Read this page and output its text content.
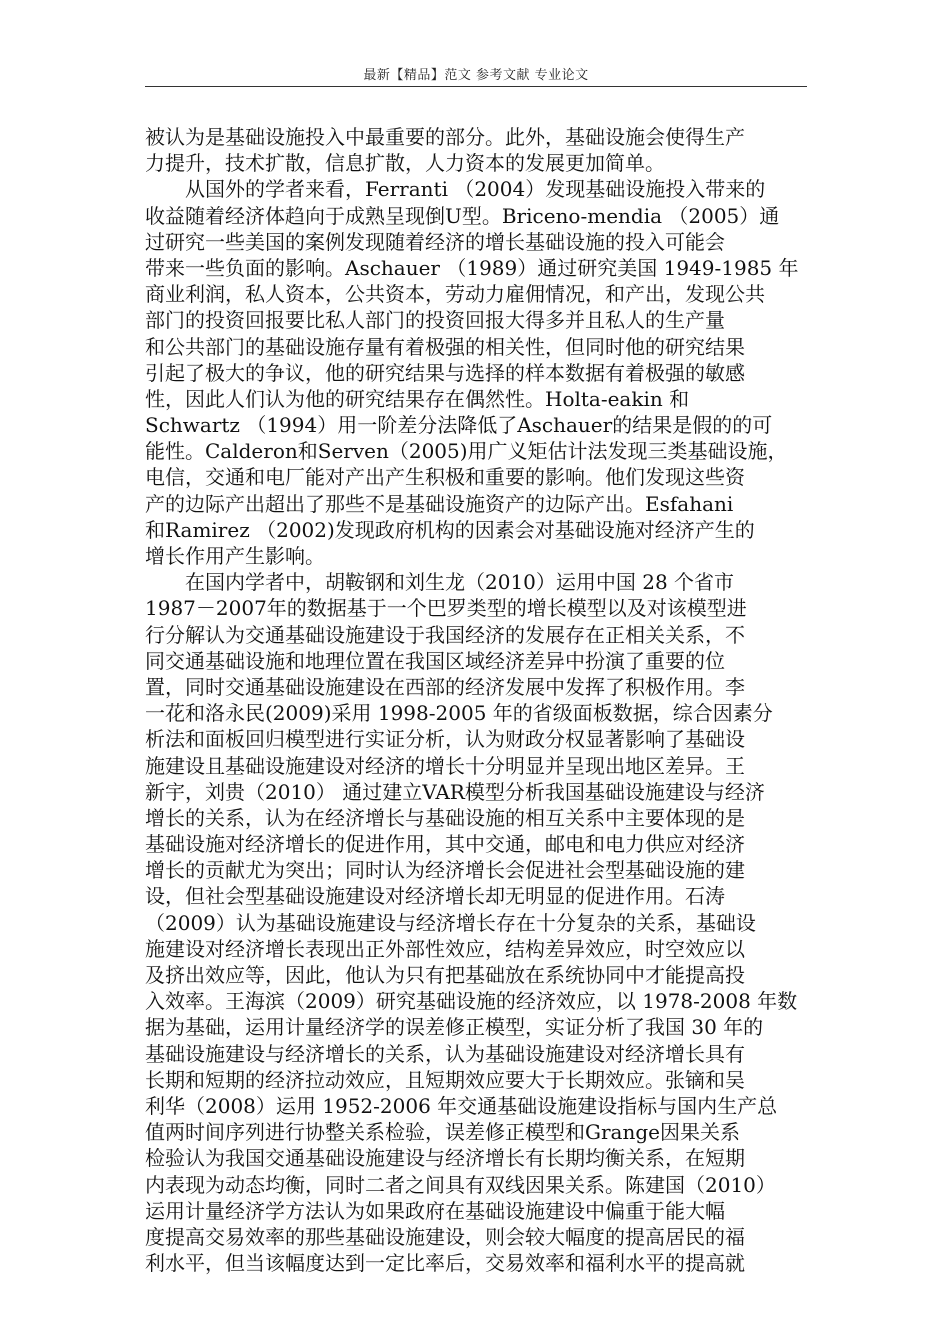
最新【精品】范文 参考文献 专业论文
被认为是基础设施投入中最重要的部分。此外，基础设施会使得生产
力提升，技术扩散，信息扩散，人力资本的发展更加简单。
　　从国外的学者来看，Ferranti （2004）发现基础设施投入带来的
收益随着经济体趋向于成熟呈现倒U型。Briceno-mendia （2005）通
过研究一些美国的案例发现随着经济的增长基础设施的投入可能会
带来一些负面的影响。Aschauer （1989）通过研究美国 1949-1985 年
商业利润，私人资本，公共资本，劳动力雇佣情况，和产出，发现公共
部门的投资回报要比私人部门的投资回报大得多并且私人的生产量
和公共部门的基础设施存量有着极强的相关性，但同时他的研究结果
引起了极大的争议，他的研究结果与选择的样本数据有着极强的敏感
性，因此人们认为他的研究结果存在偶然性。Holta-eakin 和
Schwartz （1994）用一阶差分法降低了Aschauer的结果是假的的可
能性。Calderon和Serven（2005)用广义矩估计法发现三类基础设施，
电信，交通和电厂能对产出产生积极和重要的影响。他们发现这些资
产的边际产出超出了那些不是基础设施资产的边际产出。Esfahani
和Ramirez （2002)发现政府机构的因素会对基础设施对经济产生的
增长作用产生影响。
　　在国内学者中，胡鞍钢和刘生龙（2010）运用中国 28 个省市
1987－2007年的数据基于一个巴罗类型的增长模型以及对该模型进
行分解认为交通基础设施建设于我国经济的发展存在正相关关系，不
同交通基础设施和地理位置在我国区域经济差异中扮演了重要的位
置，同时交通基础设施建设在西部的经济发展中发挥了积极作用。李
一花和洛永民(2009)采用 1998-2005 年的省级面板数据，综合因素分
析法和面板回归模型进行实证分析，认为财政分权显著影响了基础设
施建设且基础设施建设对经济的增长十分明显并呈现出地区差异。王
新宇，刘贵（2010） 通过建立VAR模型分析我国基础设施建设与经济
增长的关系，认为在经济增长与基础设施的相互关系中主要体现的是
基础设施对经济增长的促进作用，其中交通，邮电和电力供应对经济
增长的贡献尤为突出；同时认为经济增长会促进社会型基础设施的建
设，但社会型基础设施建设对经济增长却无明显的促进作用。石涛
（2009）认为基础设施建设与经济增长存在十分复杂的关系，基础设
施建设对经济增长表现出正外部性效应，结构差异效应，时空效应以
及挤出效应等，因此，他认为只有把基础放在系统协同中才能提高投
入效率。王海滨（2009）研究基础设施的经济效应，以 1978-2008 年数
据为基础，运用计量经济学的误差修正模型，实证分析了我国 30 年的
基础设施建设与经济增长的关系，认为基础设施建设对经济增长具有
长期和短期的经济拉动效应，且短期效应要大于长期效应。张镝和吴
利华（2008）运用 1952-2006 年交通基础设施建设指标与国内生产总
值两时间序列进行协整关系检验，误差修正模型和Grange因果关系
检验认为我国交通基础设施建设与经济增长有长期均衡关系，在短期
内表现为动态均衡，同时二者之间具有双线因果关系。陈建国（2010）
运用计量经济学方法认为如果政府在基础设施建设中偏重于能大幅
度提高交易效率的那些基础设施建设，则会较大幅度的提高居民的福
利水平，但当该幅度达到一定比率后，交易效率和福利水平的提高就
